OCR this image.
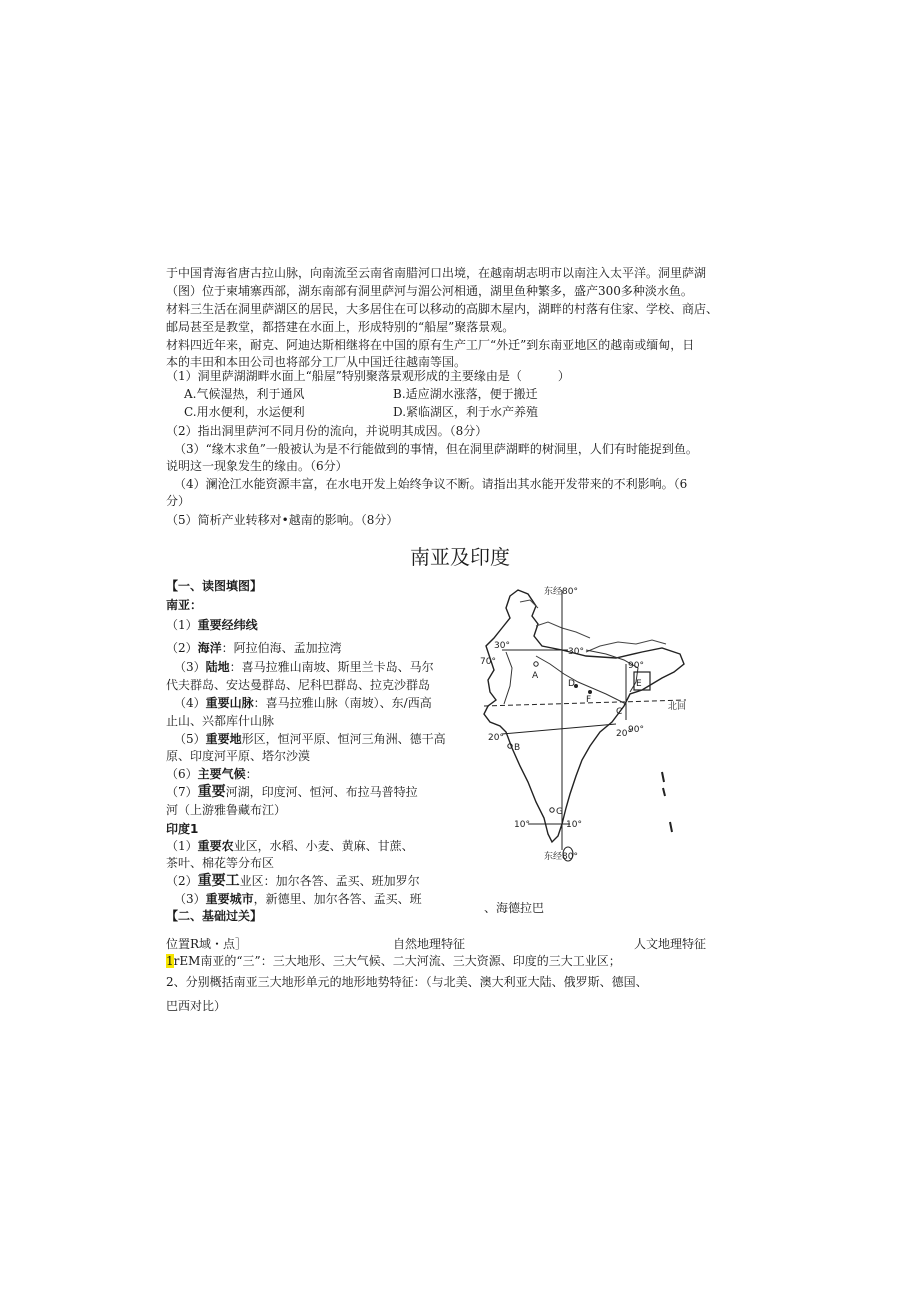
于中国青海省唐古拉山脉，向南流至云南省南腊河口出境，在越南胡志明市以南注入太平洋。洞里萨湖
（图）位于柬埔寨西部，湖东南部有洞里萨河与湄公河相通，湖里鱼种繁多，盛产300多种淡水鱼。
材料三生活在洞里萨湖区的居民，大多居住在可以移动的高脚木屋内，湖畔的村落有住家、学校、商店、
邮局甚至是教堂，都搭建在水面上，形成特别的“船屋”聚落景观。
材料四近年来，耐克、阿迪达斯相继将在中国的原有生产工厂“外迁”到东南亚地区的越南或缅甸，日
本的丰田和本田公司也将部分工厂从中国迁往越南等国。
（1）洞里萨湖湖畔水面上“船屋”特别聚落景观形成的主要缘由是（　　　）
A.气候湿热，利于通风	B.适应湖水涨落，便于搬迁
C.用水便利，水运便利	D.紧临湖区，利于水产养殖
（2）指出洞里萨河不同月份的流向，并说明其成因。（8分）
（3）“缘木求鱼”一般被认为是不行能做到的事情，但在洞里萨湖畔的树洞里，人们有时能捉到鱼。
说明这一现象发生的缘由。（6分）
（4）澜沧江水能资源丰富，在水电开发上始终争议不断。请指出其水能开发带来的不利影响。（6
分）
（5）简析产业转移对•越南的影响。（8分）
南亚及印度
【一、读图填图】
南亚：
（1）重要经纬线
（2）海洋：阿拉伯海、孟加拉湾
（3）陆地：喜马拉雅山南坡、斯里兰卡岛、马尔
代夫群岛、安达曼群岛、尼科巴群岛、拉克沙群岛
（4）重要山脉：喜马拉雅山脉（南坡）、东/西高
止山、兴都库什山脉
（5）重要地形区，恒河平原、恒河三角洲、德干高
原、印度河平原、塔尔沙漠
（6）主要气候：
（7）重要河湖，印度河、恒河、布拉马普特拉
河（上游雅鲁藏布江）
印度1
（1）重要农业区，水稻、小麦、黄麻、甘蔗、
茶叶、棉花等分布区
（2）重要工业区：加尔各答、孟买、班加罗尔
（3）重要城市，新德里、加尔各答、孟买、班
、海德拉巴
【二、基础过关】
位置R域・点］	自然地理特征	人文地理特征
1rEM南亚的“三”：三大地形、三大气候、二大河流、三大资源、印度的三大工业区；
2、分别概括南亚三大地形单元的地形地势特征：（与北美、澳大利亚大陆、俄罗斯、德国、
巴西对比）
东经80°
东经80°
30°
30°
70°	90°
90°
20°	20°
10°	10°
北回
A
B
C
D	E
F
G
